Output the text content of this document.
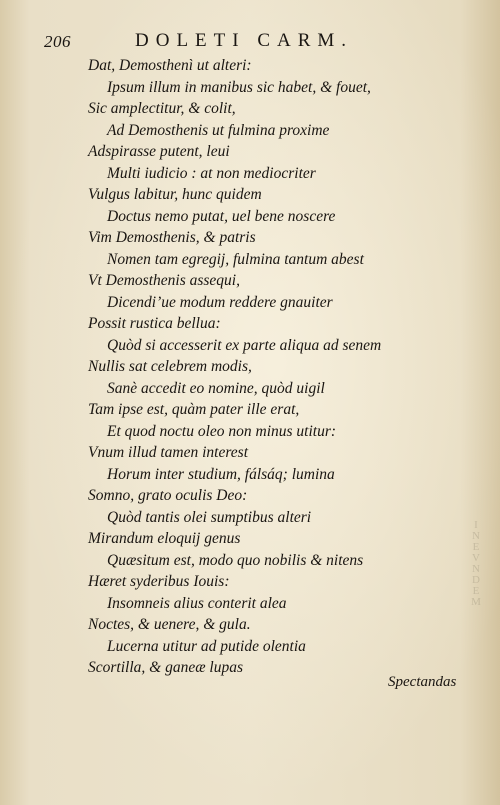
I
N
E
V
N
D
E
M
206	DOLETI CARM.
Dat, Demosthenì ut alteri:
Ipsum illum in manibus sic habet, & fouet,
Sic amplectitur, & colit,
Ad Demosthenis ut fulmina proxime
Adspirasse putent, leui
Multi iudicio : at non mediocriter
Vulgus labitur, hunc quidem
Doctus nemo putat, uel bene noscere
Vim Demosthenis, & patris
Nomen tam egregij, fulmina tantum abest
Vt Demosthenis assequi,
Dicendi’ue modum reddere gnauiter
Possit rustica bellua:
Quòd si accesserit ex parte aliqua ad senem
Nullis sat celebrem modis,
Sanè accedit eo nomine, quòd uigil
Tam ipse est, quàm pater ille erat,
Et quod noctu oleo non minus utitur:
Vnum illud tamen interest
Horum inter studium, fálsáq; lumina
Somno, grato oculis Deo:
Quòd tantis olei sumptibus alteri
Mirandum eloquij genus
Quæsitum est, modo quo nobilis & nitens
Hæret syderibus Iouis:
Insomneis alius conterit alea
Noctes, & uenere, & gula.
Lucerna utitur ad putide olentia
Scortilla, & ganeæ lupas
Spectandas
